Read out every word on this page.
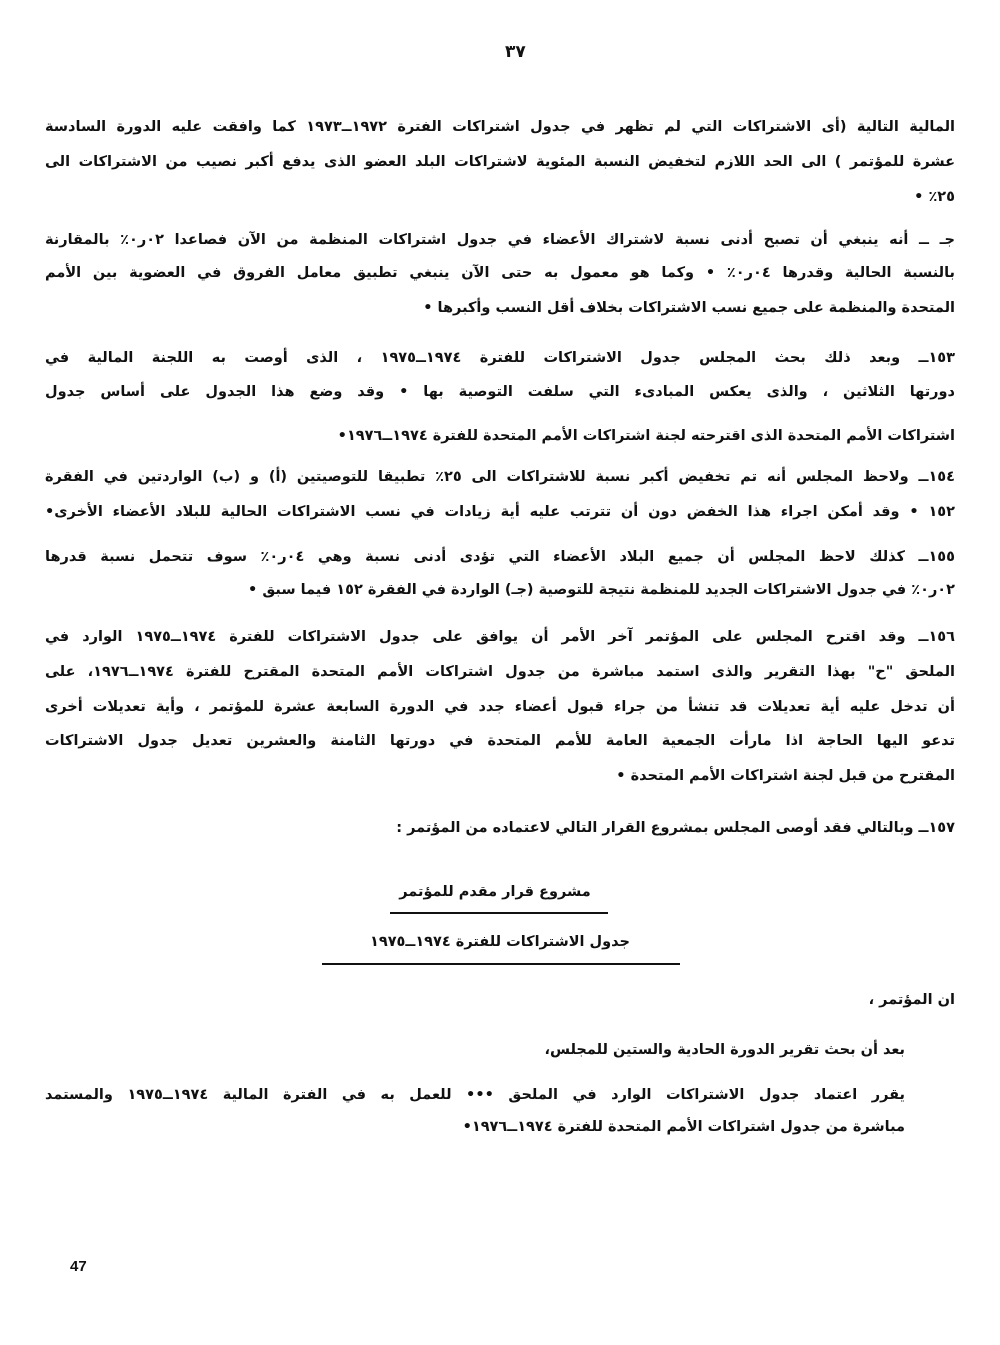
٣٧
المالية التالية (أى الاشتراكات التي لم تظهر في جدول اشتراكات الفترة ١٩٧٢ــ١٩٧٣ كما وافقت عليه الدورة السادسة
عشرة للمؤتمر ) الى الحد اللازم لتخفيض النسبة المئوية لاشتراكات البلد العضو الذى يدفع أكبر نصيب من الاشتراكات الى
٢٥٪ •
جـ ــ أنه ينبغي أن تصبح أدنى نسبة لاشتراك الأعضاء في جدول اشتراكات المنظمة من الآن فصاعدا ٠٢ر٠٪ بالمقارنة
بالنسبة الحالية وقدرها ٠٤ر٠٪ • وكما هو معمول به حتى الآن ينبغي تطبيق معامل الفروق في العضوية بين الأمم
المتحدة والمنظمة على جميع نسب الاشتراكات بخلاف أقل النسب وأكبرها •
١٥٣ــ وبعد ذلك بحث المجلس جدول الاشتراكات للفترة ١٩٧٤ــ١٩٧٥ ، الذى أوصت به اللجنة المالية في
دورتها الثلاثين ، والذى يعكس المبادىء التي سلفت التوصية بها • وقد وضع هذا الجدول على أساس جدول
اشتراكات الأمم المتحدة الذى اقترحته لجنة اشتراكات الأمم المتحدة للفترة ١٩٧٤ــ١٩٧٦•
١٥٤ــ ولاحظ المجلس أنه تم تخفيض أكبر نسبة للاشتراكات الى ٢٥٪ تطبيقا للتوصيتين (أ) و (ب) الواردتين في الفقرة
١٥٢ • وقد أمكن اجراء هذا الخفض دون أن تترتب عليه أية زيادات في نسب الاشتراكات الحالية للبلاد الأعضاء الأخرى•
١٥٥ــ كذلك لاحظ المجلس أن جميع البلاد الأعضاء التي تؤدى أدنى نسبة وهي ٠٤ر٠٪ سوف تتحمل نسبة قدرها
٠٢ر٠٪ في جدول الاشتراكات الجديد للمنظمة نتيجة للتوصية (جـ) الواردة في الفقرة ١٥٢ فيما سبق •
١٥٦ــ وقد اقترح المجلس على المؤتمر آخر الأمر أن يوافق على جدول الاشتراكات للفترة ١٩٧٤ــ١٩٧٥ الوارد في
الملحق "ح" بهذا التقرير والذى استمد مباشرة من جدول اشتراكات الأمم المتحدة المقترح للفترة ١٩٧٤ــ١٩٧٦، على
أن تدخل عليه أية تعديلات قد تنشأ من جراء قبول أعضاء جدد في الدورة السابعة عشرة للمؤتمر ، وأية تعديلات أخرى
تدعو اليها الحاجة اذا مارأت الجمعية العامة للأمم المتحدة في دورتها الثامنة والعشرين تعديل جدول الاشتراكات
المقترح من قبل لجنة اشتراكات الأمم المتحدة •
١٥٧ــ وبالتالي فقد أوصى المجلس بمشروع القرار التالي لاعتماده من المؤتمر :
مشروع قرار مقدم للمؤتمر
جدول الاشتراكات للفترة ١٩٧٤ــ١٩٧٥
ان المؤتمر ،
بعد أن بحث تقرير الدورة الحادية والستين للمجلس،
يقرر اعتماد جدول الاشتراكات الوارد في الملحق ••• للعمل به في الفترة المالية ١٩٧٤ــ١٩٧٥ والمستمد
مباشرة من جدول اشتراكات الأمم المتحدة للفترة ١٩٧٤ــ١٩٧٦•
47
